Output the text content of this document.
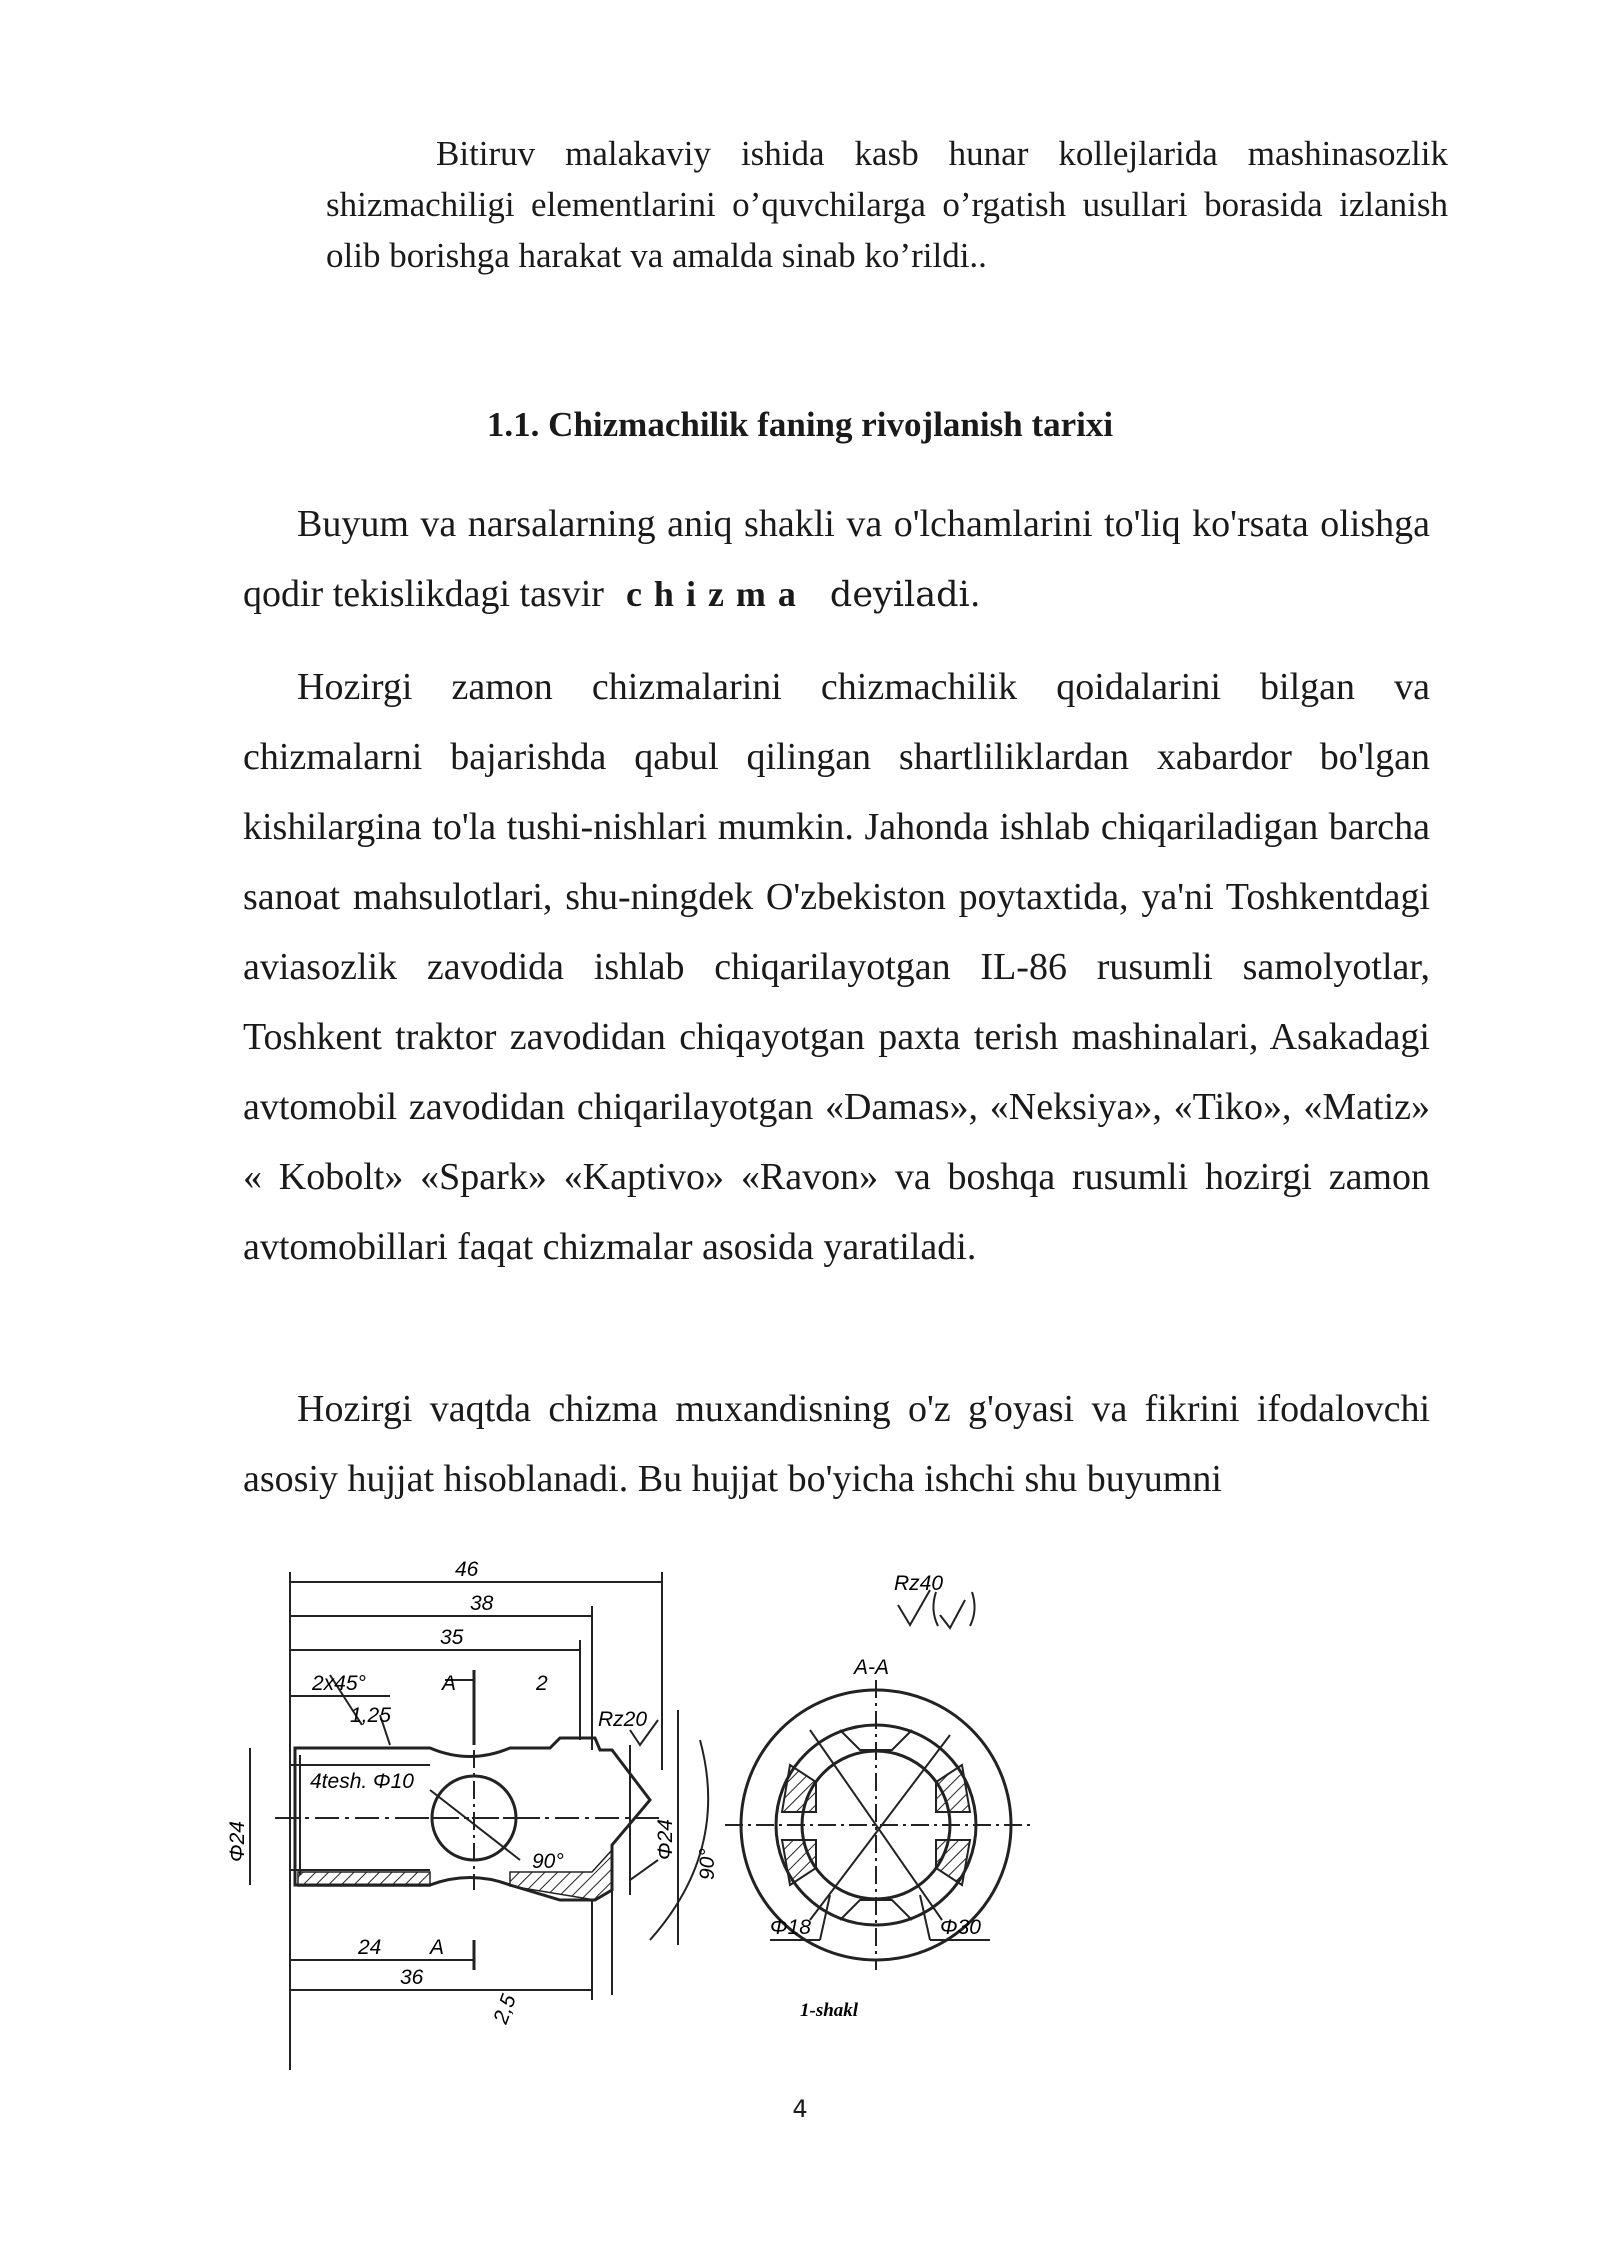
Bitiruv malakaviy ishida kasb hunar kollejlarida mashinasozlik shizmachiligi elementlarini o’quvchilarga o’rgatish usullari borasida izlanish olib borishga harakat va amalda sinab ko’rildi..
1.1. Chizmachilik faning rivojlanish tarixi

Buyum va narsalarning aniq shakli va o'lchamlarini to'liq ko'rsata olishga qodir tekislikdagi tasvir chizma deyiladi.

Hozirgi zamon chizmalarini chizmachilik qoidalarini bilgan va chizmalarni bajarishda qabul qilingan shartliliklardan xabardor bo'lgan kishilargina to'la tushi-nishlari mumkin. Jahonda ishlab chiqariladigan barcha sanoat mahsulotlari, shu-ningdek O'zbekiston poytaxtida, ya'ni Toshkentdagi aviasozlik zavodida ishlab chiqarilayotgan IL-86 rusumli samolyotlar, Toshkent traktor zavodidan chiqayotgan paxta terish mashinalari, Asakadagi avtomobil zavodidan chiqarilayotgan «Damas», «Neksiya», «Tiko», «Matiz» « Kobolt» «Spark» «Kaptivo» «Ravon» va boshqa rusumli hozirgi zamon avtomobillari faqat chizmalar asosida yaratiladi.

Hozirgi vaqtda chizma muxandisning o'z g'oyasi va fikrini ifodalovchi asosiy hujjat hisoblanadi. Bu hujjat bo'yicha ishchi shu buyumni

46
38
35
2x45°	A	2
1,25	Rz20
4tesh. Φ10
Φ24	Φ24
90°	90°
2,5
24 A
36
Rz40
A-A
Φ18	Φ30
1-shakl
4
